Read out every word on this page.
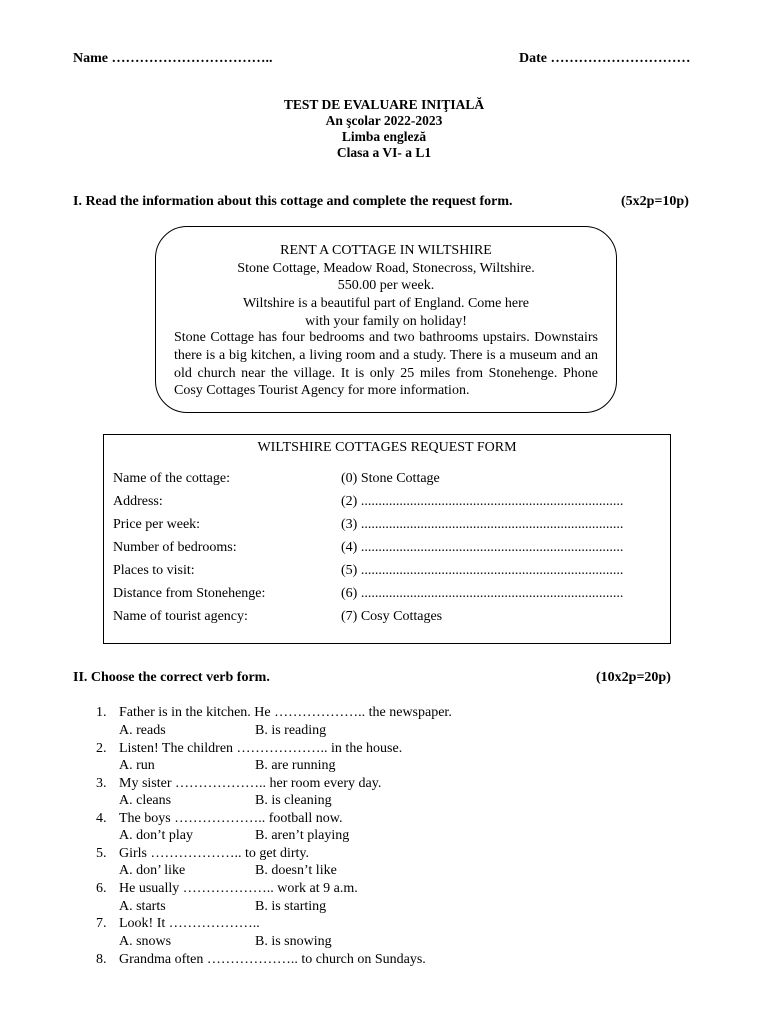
Name ……………………………..	Date …………………………
TEST DE EVALUARE INIŢIALĂ
An şcolar 2022-2023
Limba engleză
Clasa a VI- a L1
I. Read the information about this cottage and complete the request form.	(5x2p=10p)
RENT A COTTAGE IN WILTSHIRE
Stone Cottage, Meadow Road, Stonecross, Wiltshire.
550.00 per week.
Wiltshire is a beautiful part of England. Come here
with your family on holiday!
Stone Cottage has four bedrooms and two bathrooms upstairs. Downstairs there is a big kitchen, a living room and a study. There is a museum and an old church near the village. It is only 25 miles from Stonehenge. Phone Cosy Cottages Tourist Agency for more information.
WILTSHIRE COTTAGES REQUEST FORM
Name of the cottage:	(0) Stone Cottage
Address:	(2) ...........................................................................
Price per week:	(3) ...........................................................................
Number of bedrooms:	(4) ...........................................................................
Places to visit:	(5) ...........................................................................
Distance from Stonehenge:	(6) ...........................................................................
Name of tourist agency:	(7) Cosy Cottages
II. Choose the correct verb form.	(10x2p=20p)
1. Father is in the kitchen. He ……………….. the newspaper.
A. reads	B. is reading
2. Listen! The children ……………….. in the house.
A. run	B. are running
3. My sister ……………….. her room every day.
A. cleans	B. is cleaning
4. The boys ……………….. football now.
A. don’t play	B. aren’t playing
5. Girls ……………….. to get dirty.
A. don’ like	B. doesn’t like
6. He usually ……………….. work at 9 a.m.
A. starts	B. is starting
7. Look! It ………………..
A. snows	B. is snowing
8. Grandma often ……………….. to church on Sundays.
